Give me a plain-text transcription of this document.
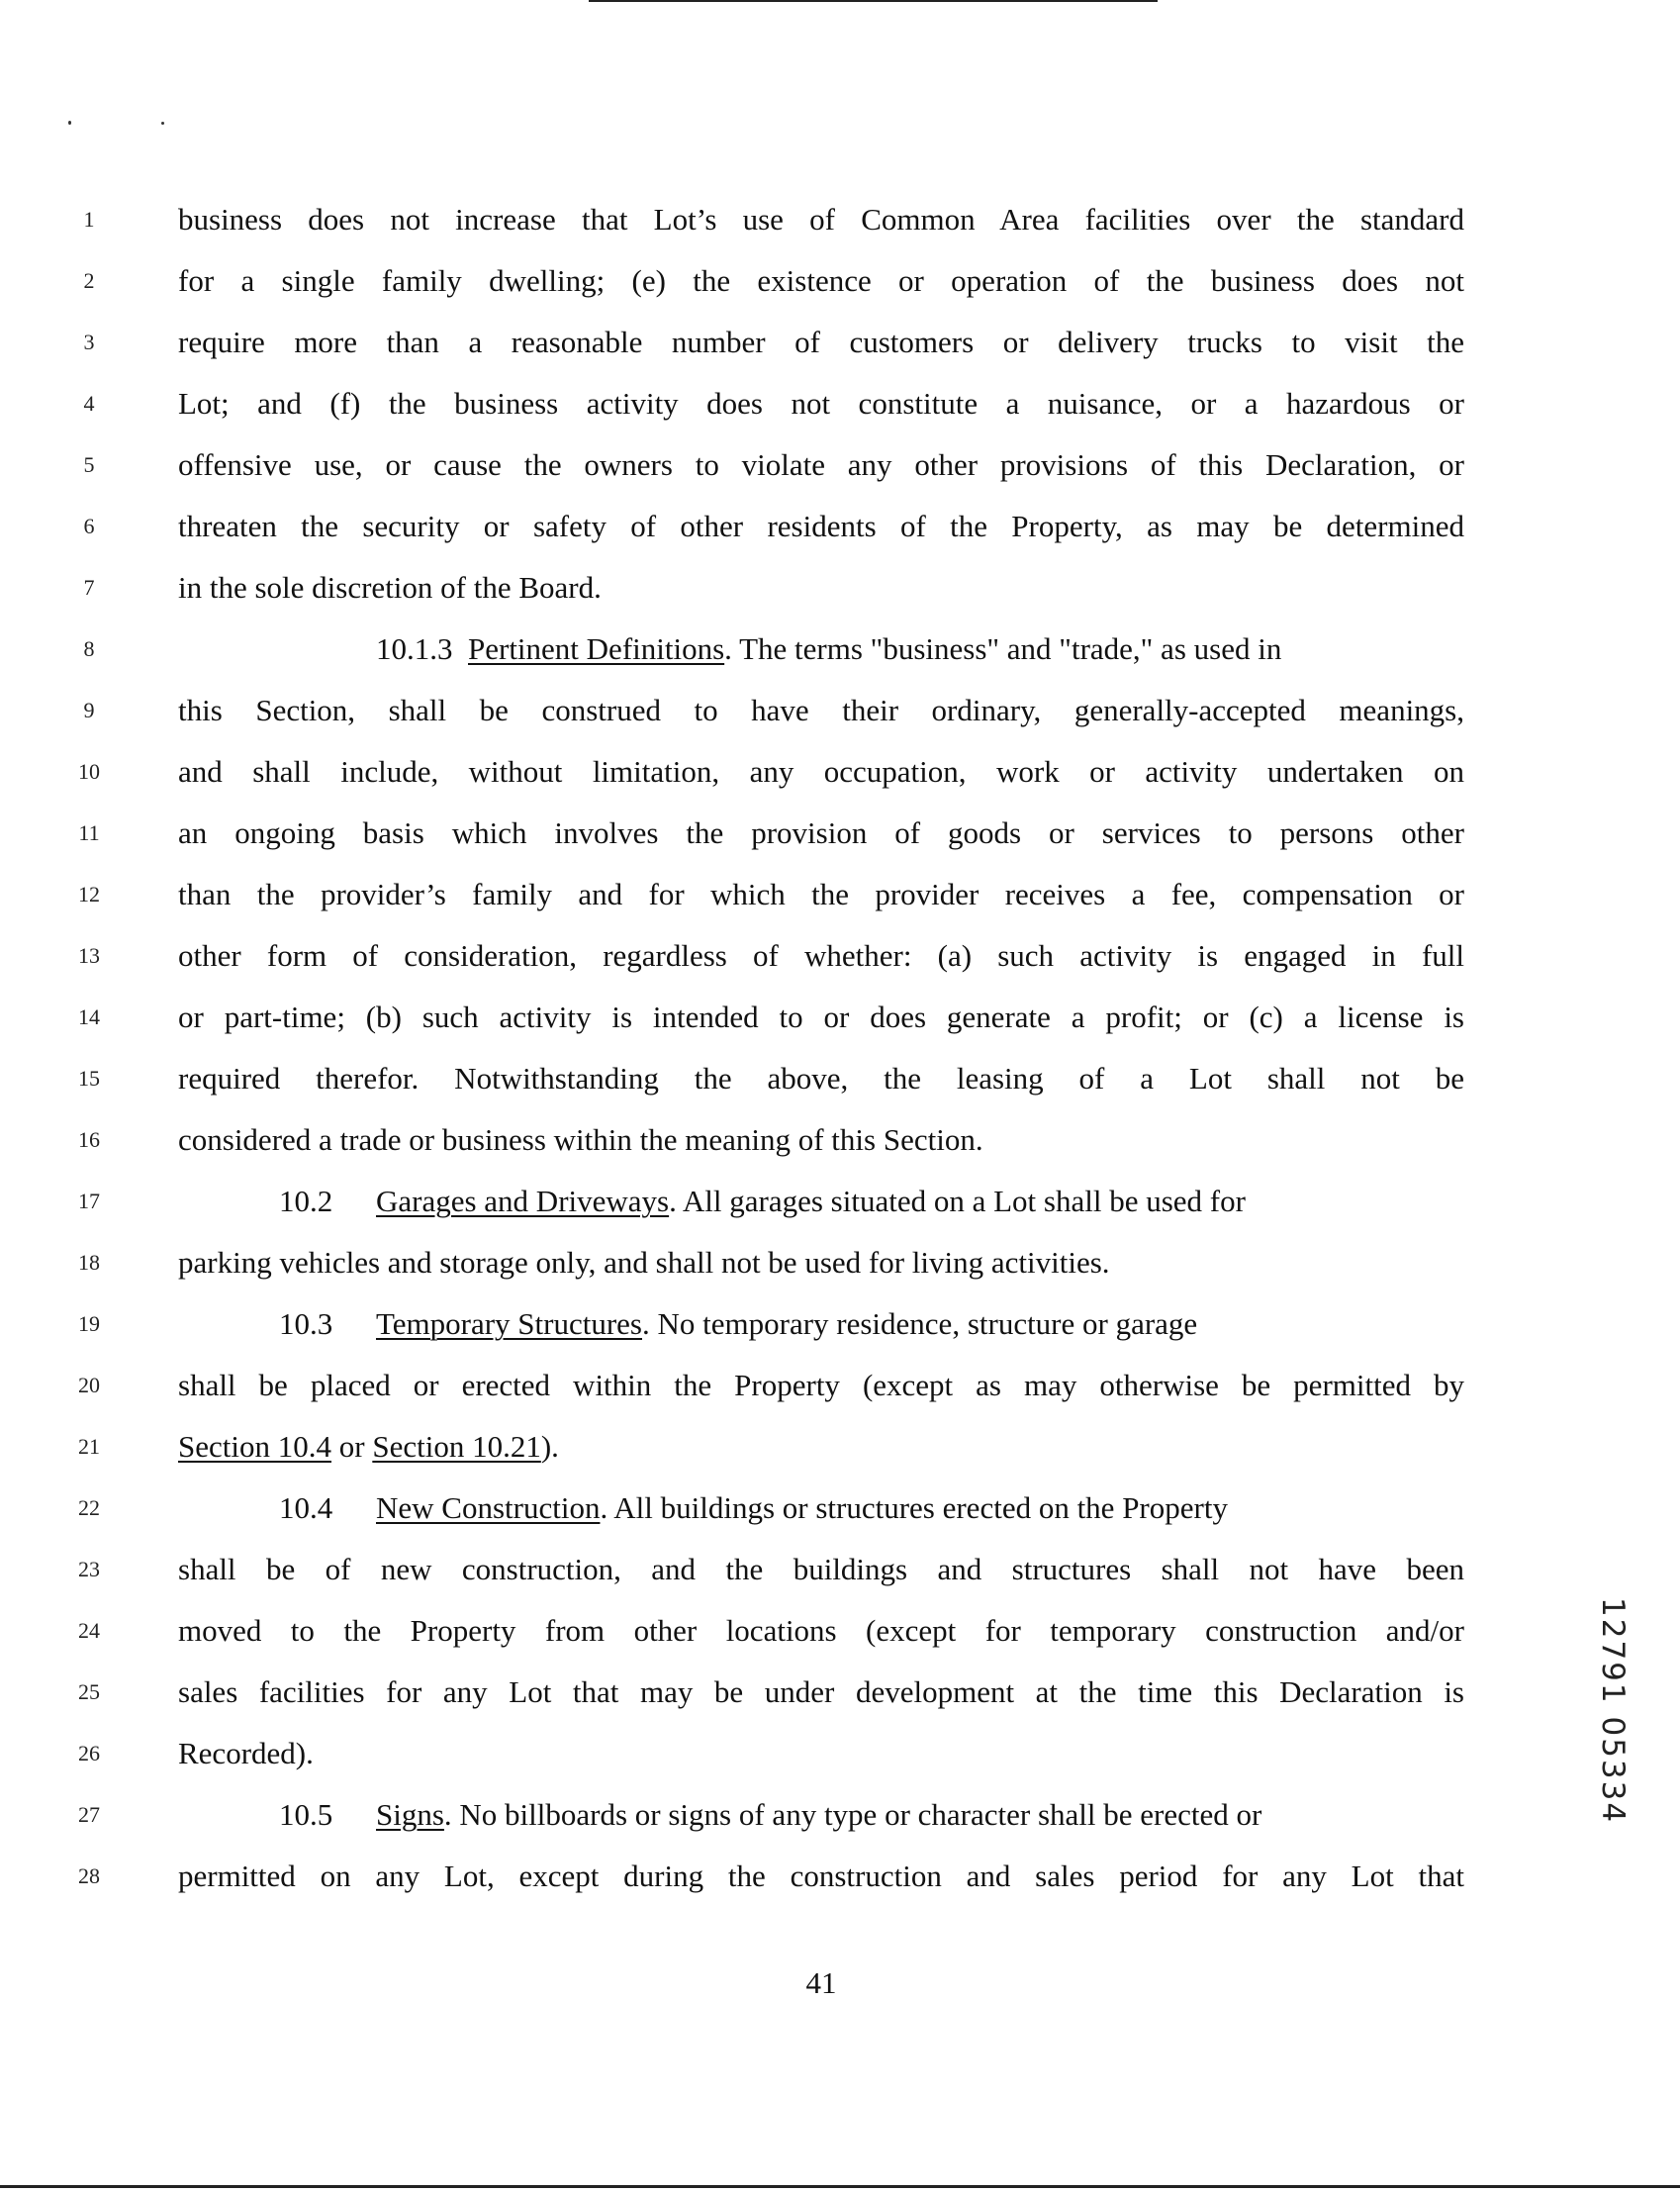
1	business does not increase that Lot’s use of Common Area facilities over the standard
2	for a single family dwelling; (e) the existence or operation of the business does not
3	require more than a reasonable number of customers or delivery trucks to visit the
4	Lot; and (f) the business activity does not constitute a nuisance, or a hazardous or
5	offensive use, or cause the owners to violate any other provisions of this Declaration, or
6	threaten the security or safety of other residents of the Property, as may be determined
7	in the sole discretion of the Board.
8	10.1.3 Pertinent Definitions. The terms "business" and "trade," as used in
9	this Section, shall be construed to have their ordinary, generally-accepted meanings,
10	and shall include, without limitation, any occupation, work or activity undertaken on
11	an ongoing basis which involves the provision of goods or services to persons other
12	than the provider’s family and for which the provider receives a fee, compensation or
13	other form of consideration, regardless of whether: (a) such activity is engaged in full
14	or part-time; (b) such activity is intended to or does generate a profit; or (c) a license is
15	required therefor. Notwithstanding the above, the leasing of a Lot shall not be
16	considered a trade or business within the meaning of this Section.
17	10.2 Garages and Driveways. All garages situated on a Lot shall be used for
18	parking vehicles and storage only, and shall not be used for living activities.
19	10.3 Temporary Structures. No temporary residence, structure or garage
20	shall be placed or erected within the Property (except as may otherwise be permitted by
21	Section 10.4 or Section 10.21).
22	10.4 New Construction. All buildings or structures erected on the Property
23	shall be of new construction, and the buildings and structures shall not have been
24	moved to the Property from other locations (except for temporary construction and/or
25	sales facilities for any Lot that may be under development at the time this Declaration is
26	Recorded).
27	10.5 Signs. No billboards or signs of any type or character shall be erected or
28	permitted on any Lot, except during the construction and sales period for any Lot that
41
12791 05334
